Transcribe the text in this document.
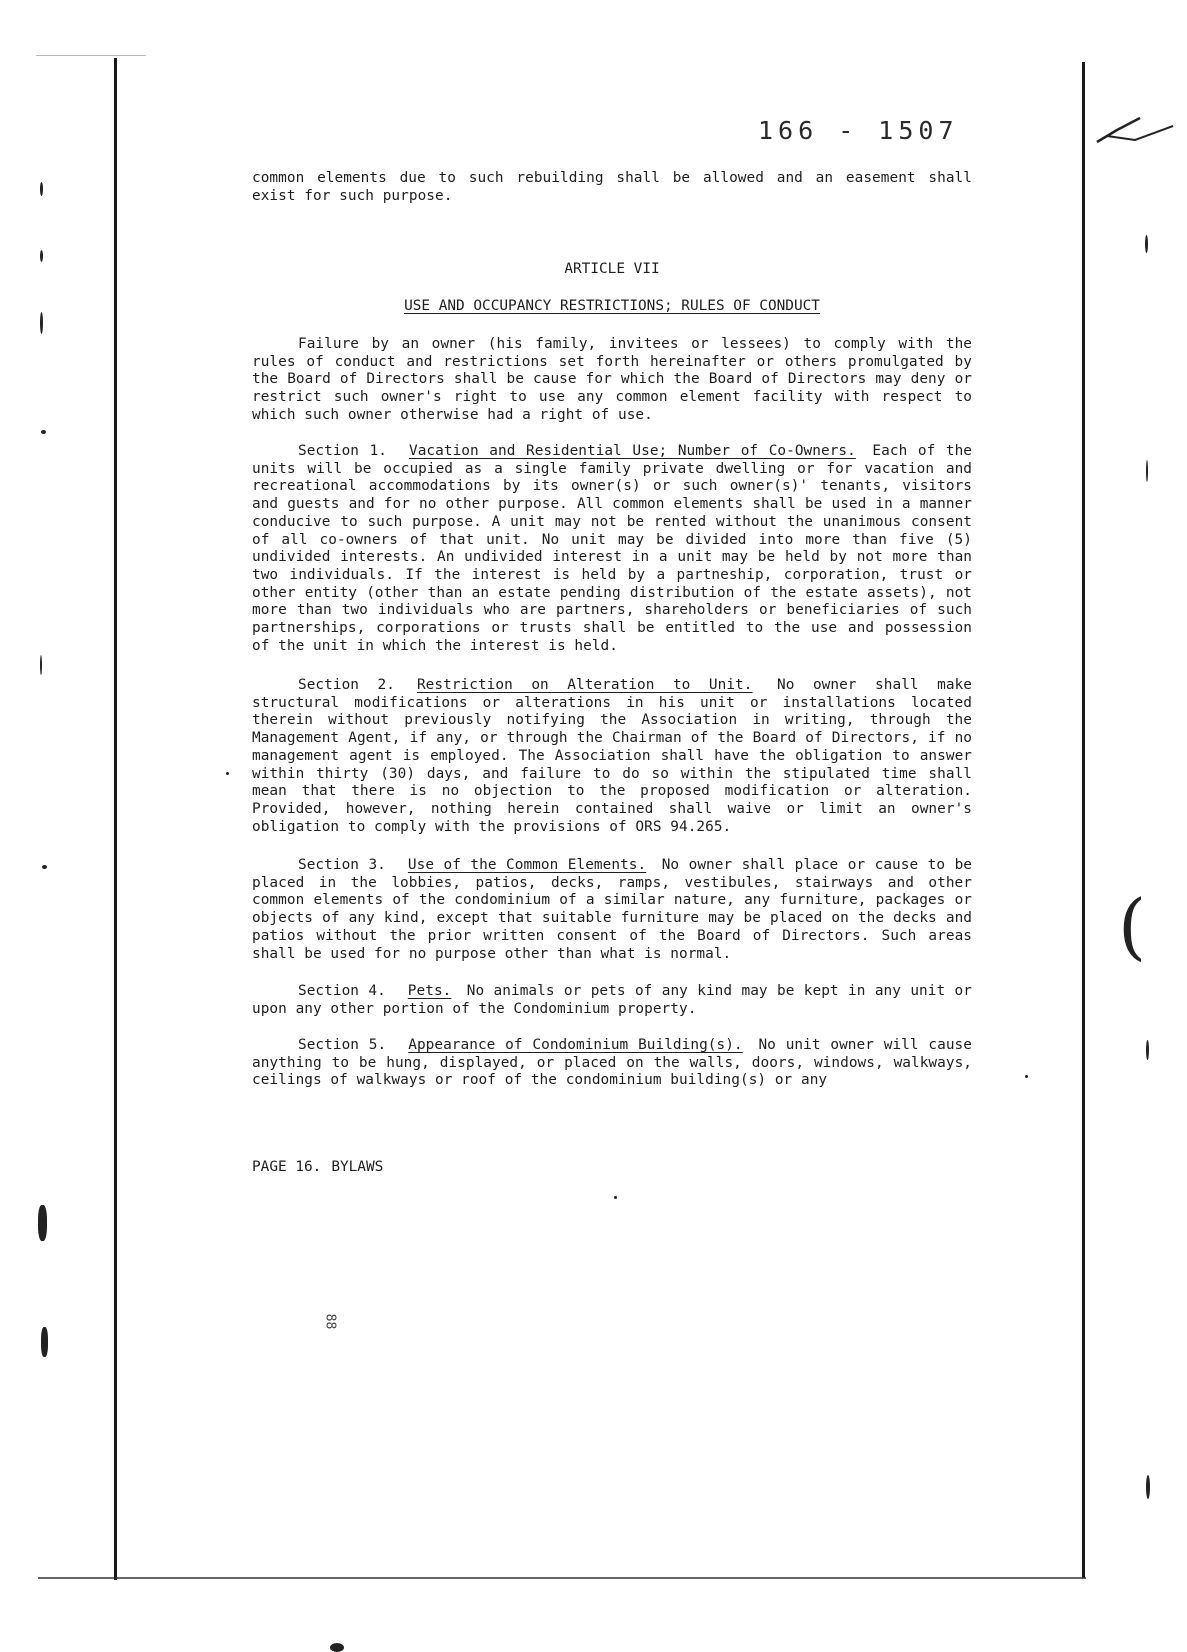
(
166 - 1507

common elements due to such rebuilding shall be allowed and an easement shall exist for such purpose.

ARTICLE VII
USE AND OCCUPANCY RESTRICTIONS; RULES OF CONDUCT

Failure by an owner (his family, invitees or lessees) to comply with the rules of conduct and restrictions set forth hereinafter or others promulgated by the Board of Directors shall be cause for which the Board of Directors may deny or restrict such owner's right to use any common element facility with respect to which such owner otherwise had a right of use.

Section 1. Vacation and Residential Use; Number of Co-Owners. Each of the units will be occupied as a single family private dwelling or for vacation and recreational accommodations by its owner(s) or such owner(s)' tenants, visitors and guests and for no other purpose. All common elements shall be used in a manner conducive to such purpose. A unit may not be rented without the unanimous consent of all co-owners of that unit. No unit may be divided into more than five (5) undivided interests. An undivided interest in a unit may be held by not more than two individuals. If the interest is held by a partneship, corporation, trust or other entity (other than an estate pending distribution of the estate assets), not more than two individuals who are partners, shareholders or beneficiaries of such partnerships, corporations or trusts shall be entitled to the use and possession of the unit in which the interest is held.

Section 2. Restriction on Alteration to Unit. No owner shall make structural modifications or alterations in his unit or installations located therein without previously notifying the Association in writing, through the Management Agent, if any, or through the Chairman of the Board of Directors, if no management agent is employed. The Association shall have the obligation to answer within thirty (30) days, and failure to do so within the stipulated time shall mean that there is no objection to the proposed modification or alteration. Provided, however, nothing herein contained shall waive or limit an owner's obligation to comply with the provisions of ORS 94.265.

Section 3. Use of the Common Elements. No owner shall place or cause to be placed in the lobbies, patios, decks, ramps, vestibules, stairways and other common elements of the condominium of a similar nature, any furniture, packages or objects of any kind, except that suitable furniture may be placed on the decks and patios without the prior written consent of the Board of Directors. Such areas shall be used for no purpose other than what is normal.

Section 4. Pets. No animals or pets of any kind may be kept in any unit or upon any other portion of the Condominium property.

Section 5. Appearance of Condominium Building(s). No unit owner will cause anything to be hung, displayed, or placed on the walls, doors, windows, walkways, ceilings of walkways or roof of the condominium building(s) or any

PAGE 16. BYLAWS
88
